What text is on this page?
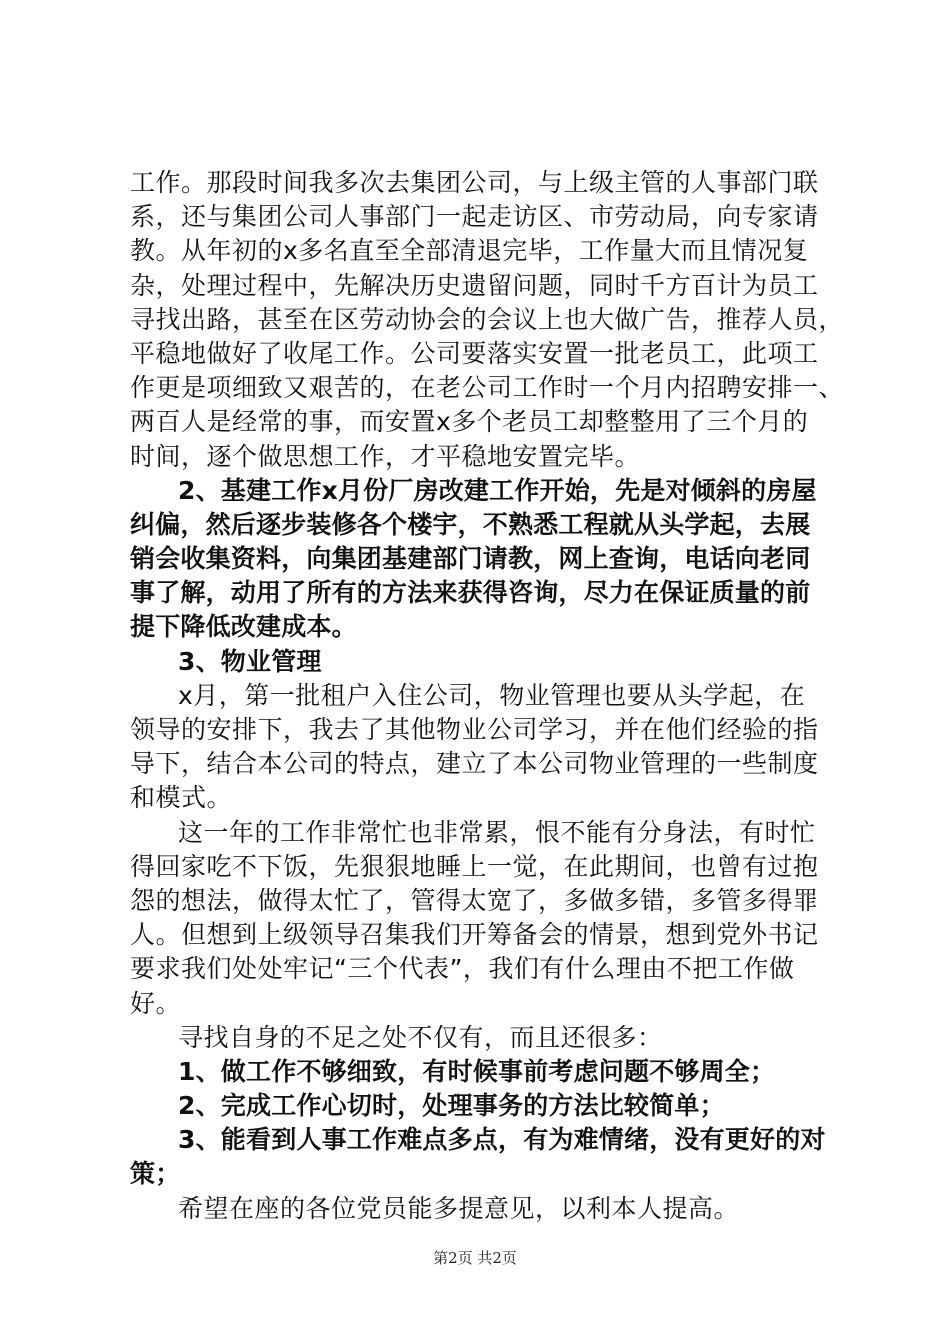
工作。那段时间我多次去集团公司，与上级主管的人事部门联
系，还与集团公司人事部门一起走访区、市劳动局，向专家请
教。从年初的x多名直至全部清退完毕，工作量大而且情况复
杂，处理过程中，先解决历史遗留问题，同时千方百计为员工
寻找出路，甚至在区劳动协会的会议上也大做广告，推荐人员，
平稳地做好了收尾工作。公司要落实安置一批老员工，此项工
作更是项细致又艰苦的，在老公司工作时一个月内招聘安排一、
两百人是经常的事，而安置x多个老员工却整整用了三个月的
时间，逐个做思想工作，才平稳地安置完毕。
2、基建工作x月份厂房改建工作开始，先是对倾斜的房屋
纠偏，然后逐步装修各个楼宇，不熟悉工程就从头学起，去展
销会收集资料，向集团基建部门请教，网上查询，电话向老同
事了解，动用了所有的方法来获得咨询，尽力在保证质量的前
提下降低改建成本。
3、物业管理
x月，第一批租户入住公司，物业管理也要从头学起，在
领导的安排下，我去了其他物业公司学习，并在他们经验的指
导下，结合本公司的特点，建立了本公司物业管理的一些制度
和模式。
这一年的工作非常忙也非常累，恨不能有分身法，有时忙
得回家吃不下饭，先狠狠地睡上一觉，在此期间，也曾有过抱
怨的想法，做得太忙了，管得太宽了，多做多错，多管多得罪
人。但想到上级领导召集我们开筹备会的情景，想到党外书记
要求我们处处牢记“三个代表”，我们有什么理由不把工作做
好。
寻找自身的不足之处不仅有，而且还很多：
1、做工作不够细致，有时候事前考虑问题不够周全；
2、完成工作心切时，处理事务的方法比较简单；
3、能看到人事工作难点多点，有为难情绪，没有更好的对
策；
希望在座的各位党员能多提意见，以利本人提高。
第2页 共2页
